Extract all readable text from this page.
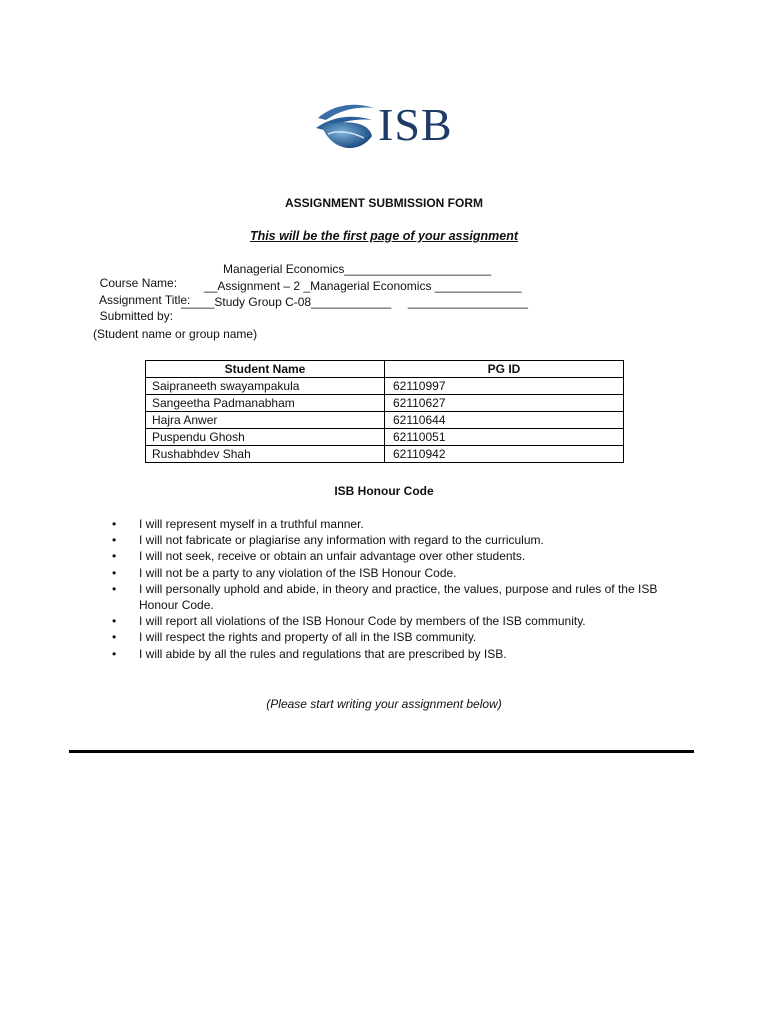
ISB
ASSIGNMENT SUBMISSION FORM
This will be the first page of your assignment

Course Name:

Managerial Economics______________________

Assignment Title:

__Assignment – 2 _Managerial Economics _____________

Submitted by:

_____Study Group C-08____________     __________________

(Student name or group name)
Student Name	PG ID
Saipraneeth swayampakula	62110997
Sangeetha Padmanabham	62110627
Hajra Anwer	62110644
Puspendu Ghosh	62110051
Rushabhdev Shah	62110942
ISB Honour Code
• I will represent myself in a truthful manner.
• I will not fabricate or plagiarise any information with regard to the curriculum.
• I will not seek, receive or obtain an unfair advantage over other students.
• I will not be a party to any violation of the ISB Honour Code.
• I will personally uphold and abide, in theory and practice, the values, purpose and rules of the ISB Honour Code.
• I will report all violations of the ISB Honour Code by members of the ISB community.
• I will respect the rights and property of all in the ISB community.
• I will abide by all the rules and regulations that are prescribed by ISB.
(Please start writing your assignment below)
